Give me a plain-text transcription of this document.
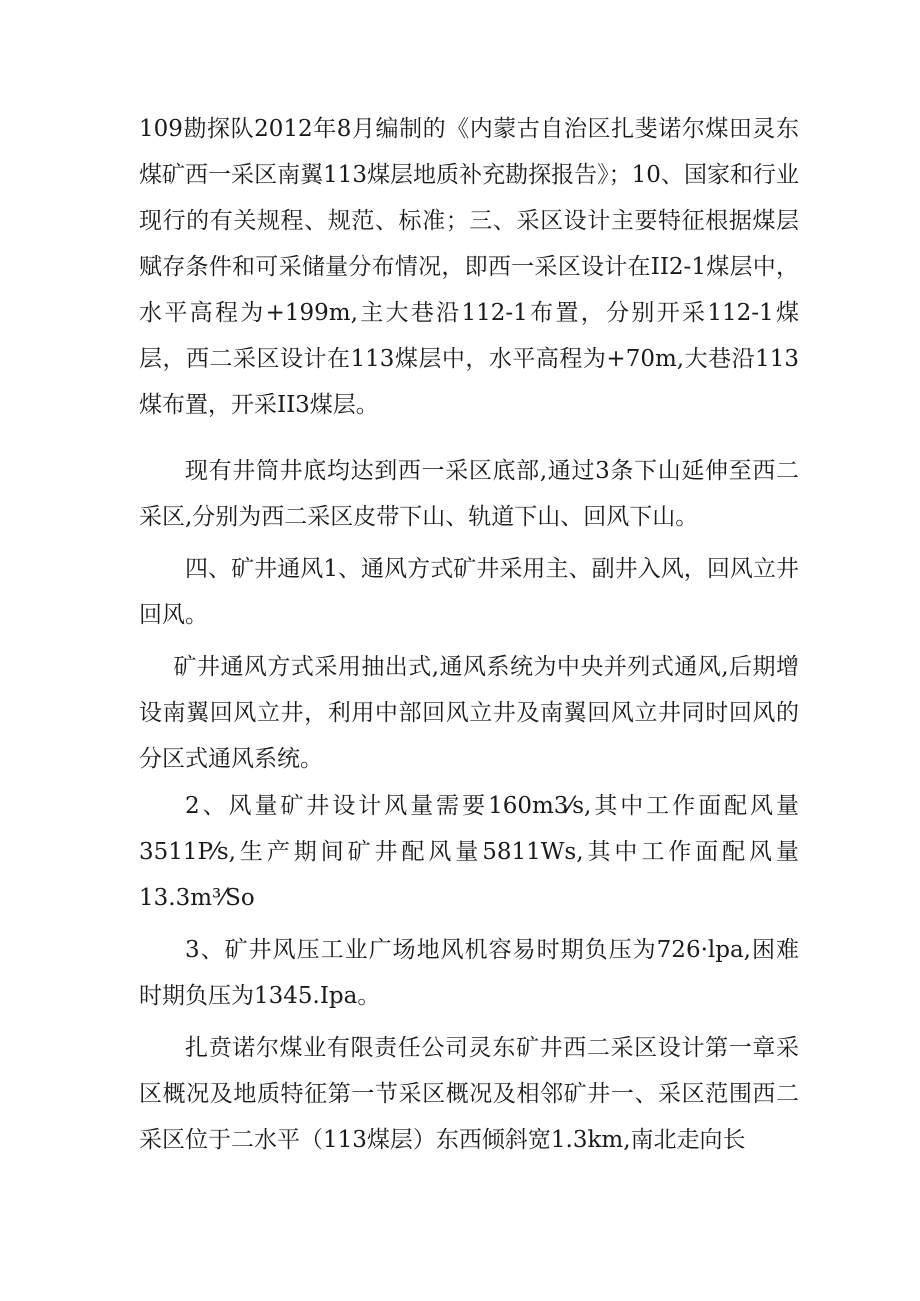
109勘探队2012年8月编制的《内蒙古自治区扎斐诺尔煤田灵东煤矿西一采区南翼113煤层地质补充勘探报告》；10、国家和行业现行的有关规程、规范、标准；三、采区设计主要特征根据煤层赋存条件和可采储量分布情况，即西一采区设计在II2-1煤层中，水平高程为+199m,主大巷沿112-1布置，分别开采112-1煤层，西二采区设计在113煤层中，水平高程为+70m,大巷沿113煤布置，开采II3煤层。

现有井筒井底均达到西一采区底部,通过3条下山延伸至西二采区,分别为西二采区皮带下山、轨道下山、回风下山。

四、矿井通风1、通风方式矿井采用主、副井入风，回风立井回风。

矿井通风方式采用抽出式,通风系统为中央并列式通风,后期增设南翼回风立井，利用中部回风立井及南翼回风立井同时回风的分区式通风系统。

2、风量矿井设计风量需要160m3⁄s,其中工作面配风量3511P⁄s,生产期间矿井配风量5811Ws,其中工作面配风量13.3m³⁄So

3、矿井风压工业广场地风机容易时期负压为726·lpa,困难时期负压为1345.Ipa。

扎贲诺尔煤业有限责任公司灵东矿井西二采区设计第一章采区概况及地质特征第一节采区概况及相邻矿井一、采区范围西二采区位于二水平（113煤层）东西倾斜宽1.3km,南北走向长
